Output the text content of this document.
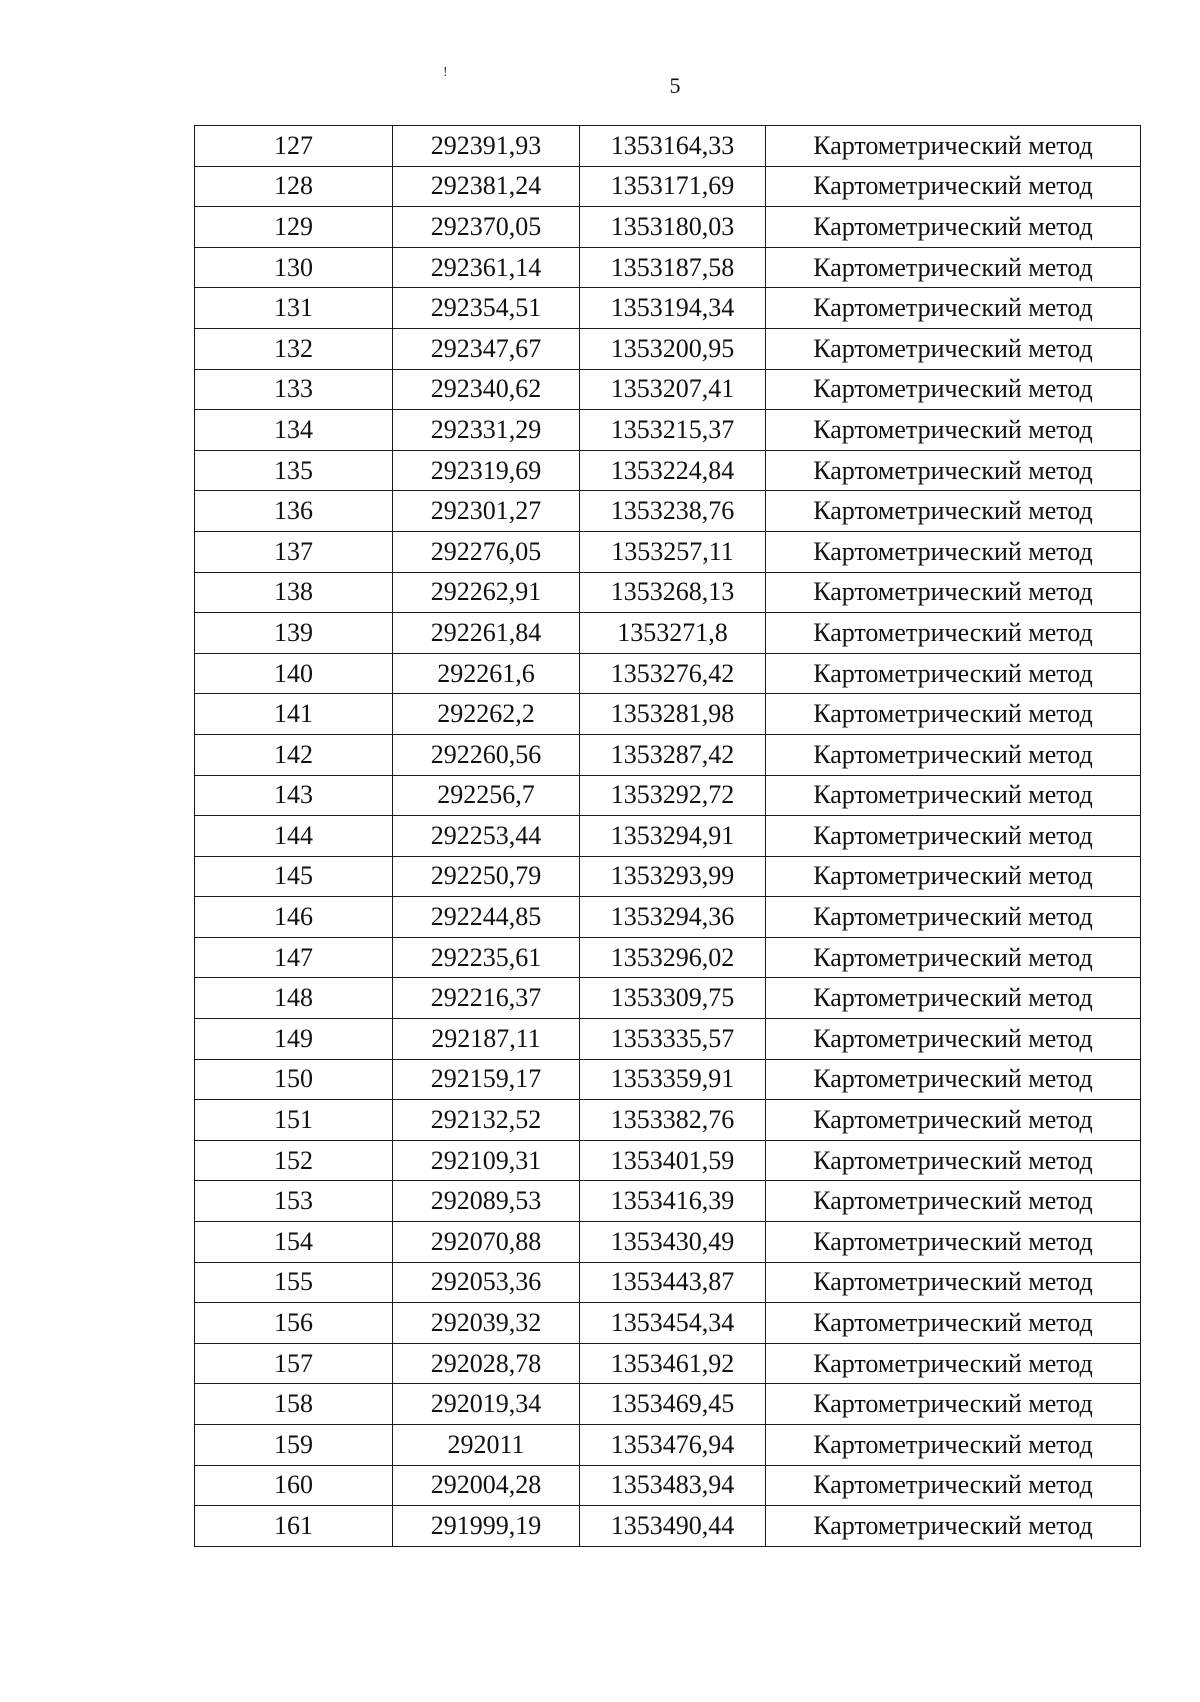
!
5
127	292391,93	1353164,33	Картометрический метод
128	292381,24	1353171,69	Картометрический метод
129	292370,05	1353180,03	Картометрический метод
130	292361,14	1353187,58	Картометрический метод
131	292354,51	1353194,34	Картометрический метод
132	292347,67	1353200,95	Картометрический метод
133	292340,62	1353207,41	Картометрический метод
134	292331,29	1353215,37	Картометрический метод
135	292319,69	1353224,84	Картометрический метод
136	292301,27	1353238,76	Картометрический метод
137	292276,05	1353257,11	Картометрический метод
138	292262,91	1353268,13	Картометрический метод
139	292261,84	1353271,8	Картометрический метод
140	292261,6	1353276,42	Картометрический метод
141	292262,2	1353281,98	Картометрический метод
142	292260,56	1353287,42	Картометрический метод
143	292256,7	1353292,72	Картометрический метод
144	292253,44	1353294,91	Картометрический метод
145	292250,79	1353293,99	Картометрический метод
146	292244,85	1353294,36	Картометрический метод
147	292235,61	1353296,02	Картометрический метод
148	292216,37	1353309,75	Картометрический метод
149	292187,11	1353335,57	Картометрический метод
150	292159,17	1353359,91	Картометрический метод
151	292132,52	1353382,76	Картометрический метод
152	292109,31	1353401,59	Картометрический метод
153	292089,53	1353416,39	Картометрический метод
154	292070,88	1353430,49	Картометрический метод
155	292053,36	1353443,87	Картометрический метод
156	292039,32	1353454,34	Картометрический метод
157	292028,78	1353461,92	Картометрический метод
158	292019,34	1353469,45	Картометрический метод
159	292011	1353476,94	Картометрический метод
160	292004,28	1353483,94	Картометрический метод
161	291999,19	1353490,44	Картометрический метод
